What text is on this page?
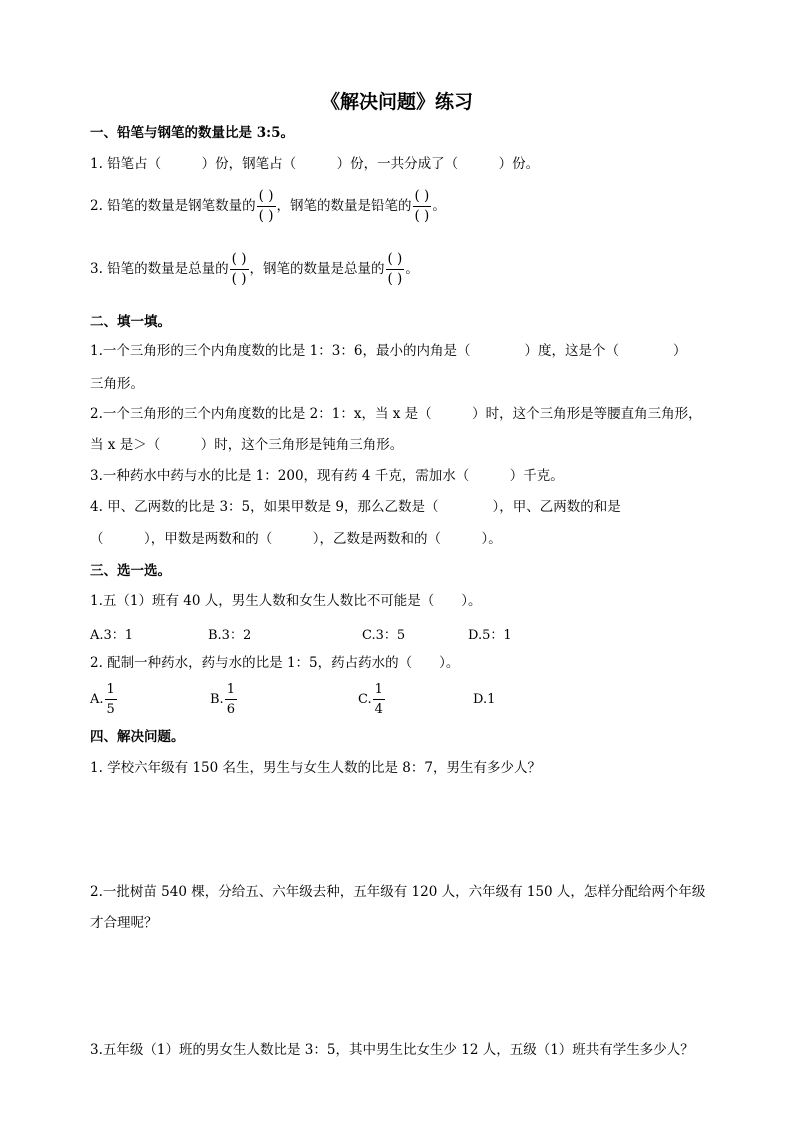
《解决问题》练习
一、铅笔与钢笔的数量比是 3:5。
1. 铅笔占（　　　）份，钢笔占（　　　）份，一共分成了（　　　）份。
2. 铅笔的数量是钢笔数量的 $\frac{( )}{( )}$ ，钢笔的数量是铅笔的 $\frac{( )}{( )}$ 。
3. 铅笔的数量是总量的 $\frac{( )}{( )}$ ，钢笔的数量是总量的 $\frac{( )}{( )}$ 。
二、填一填。
1.一个三角形的三个内角度数的比是 1：3：6，最小的内角是（　　　　）度，这是个（　　　　）
三角形。
2.一个三角形的三个内角度数的比是 2：1：x，当 x 是（　　　）时，这个三角形是等腰直角三角形，
当 x 是＞（　　　）时，这个三角形是钝角三角形。
3.一种药水中药与水的比是 1：200，现有药 4 千克，需加水（　　　）千克。
4. 甲、乙两数的比是 3：5，如果甲数是 9，那么乙数是（　　　　），甲、乙两数的和是
（　　　），甲数是两数和的（　　　），乙数是两数和的（　　　）。
三、选一选。
1.五（1）班有 40 人，男生人数和女生人数比不可能是（　　）。
A.3：1	B.3：2	C.3：5	D.5：1
2. 配制一种药水，药与水的比是 1：5，药占药水的（　　）。
A. $\frac{1}{5}$	B. $\frac{1}{6}$	C. $\frac{1}{4}$	D.1
四、解决问题。
1. 学校六年级有 150 名生，男生与女生人数的比是 8：7，男生有多少人？
2.一批树苗 540 棵，分给五、六年级去种，五年级有 120 人，六年级有 150 人，怎样分配给两个年级
才合理呢？
3.五年级（1）班的男女生人数比是 3：5，其中男生比女生少 12 人，五级（1）班共有学生多少人？
